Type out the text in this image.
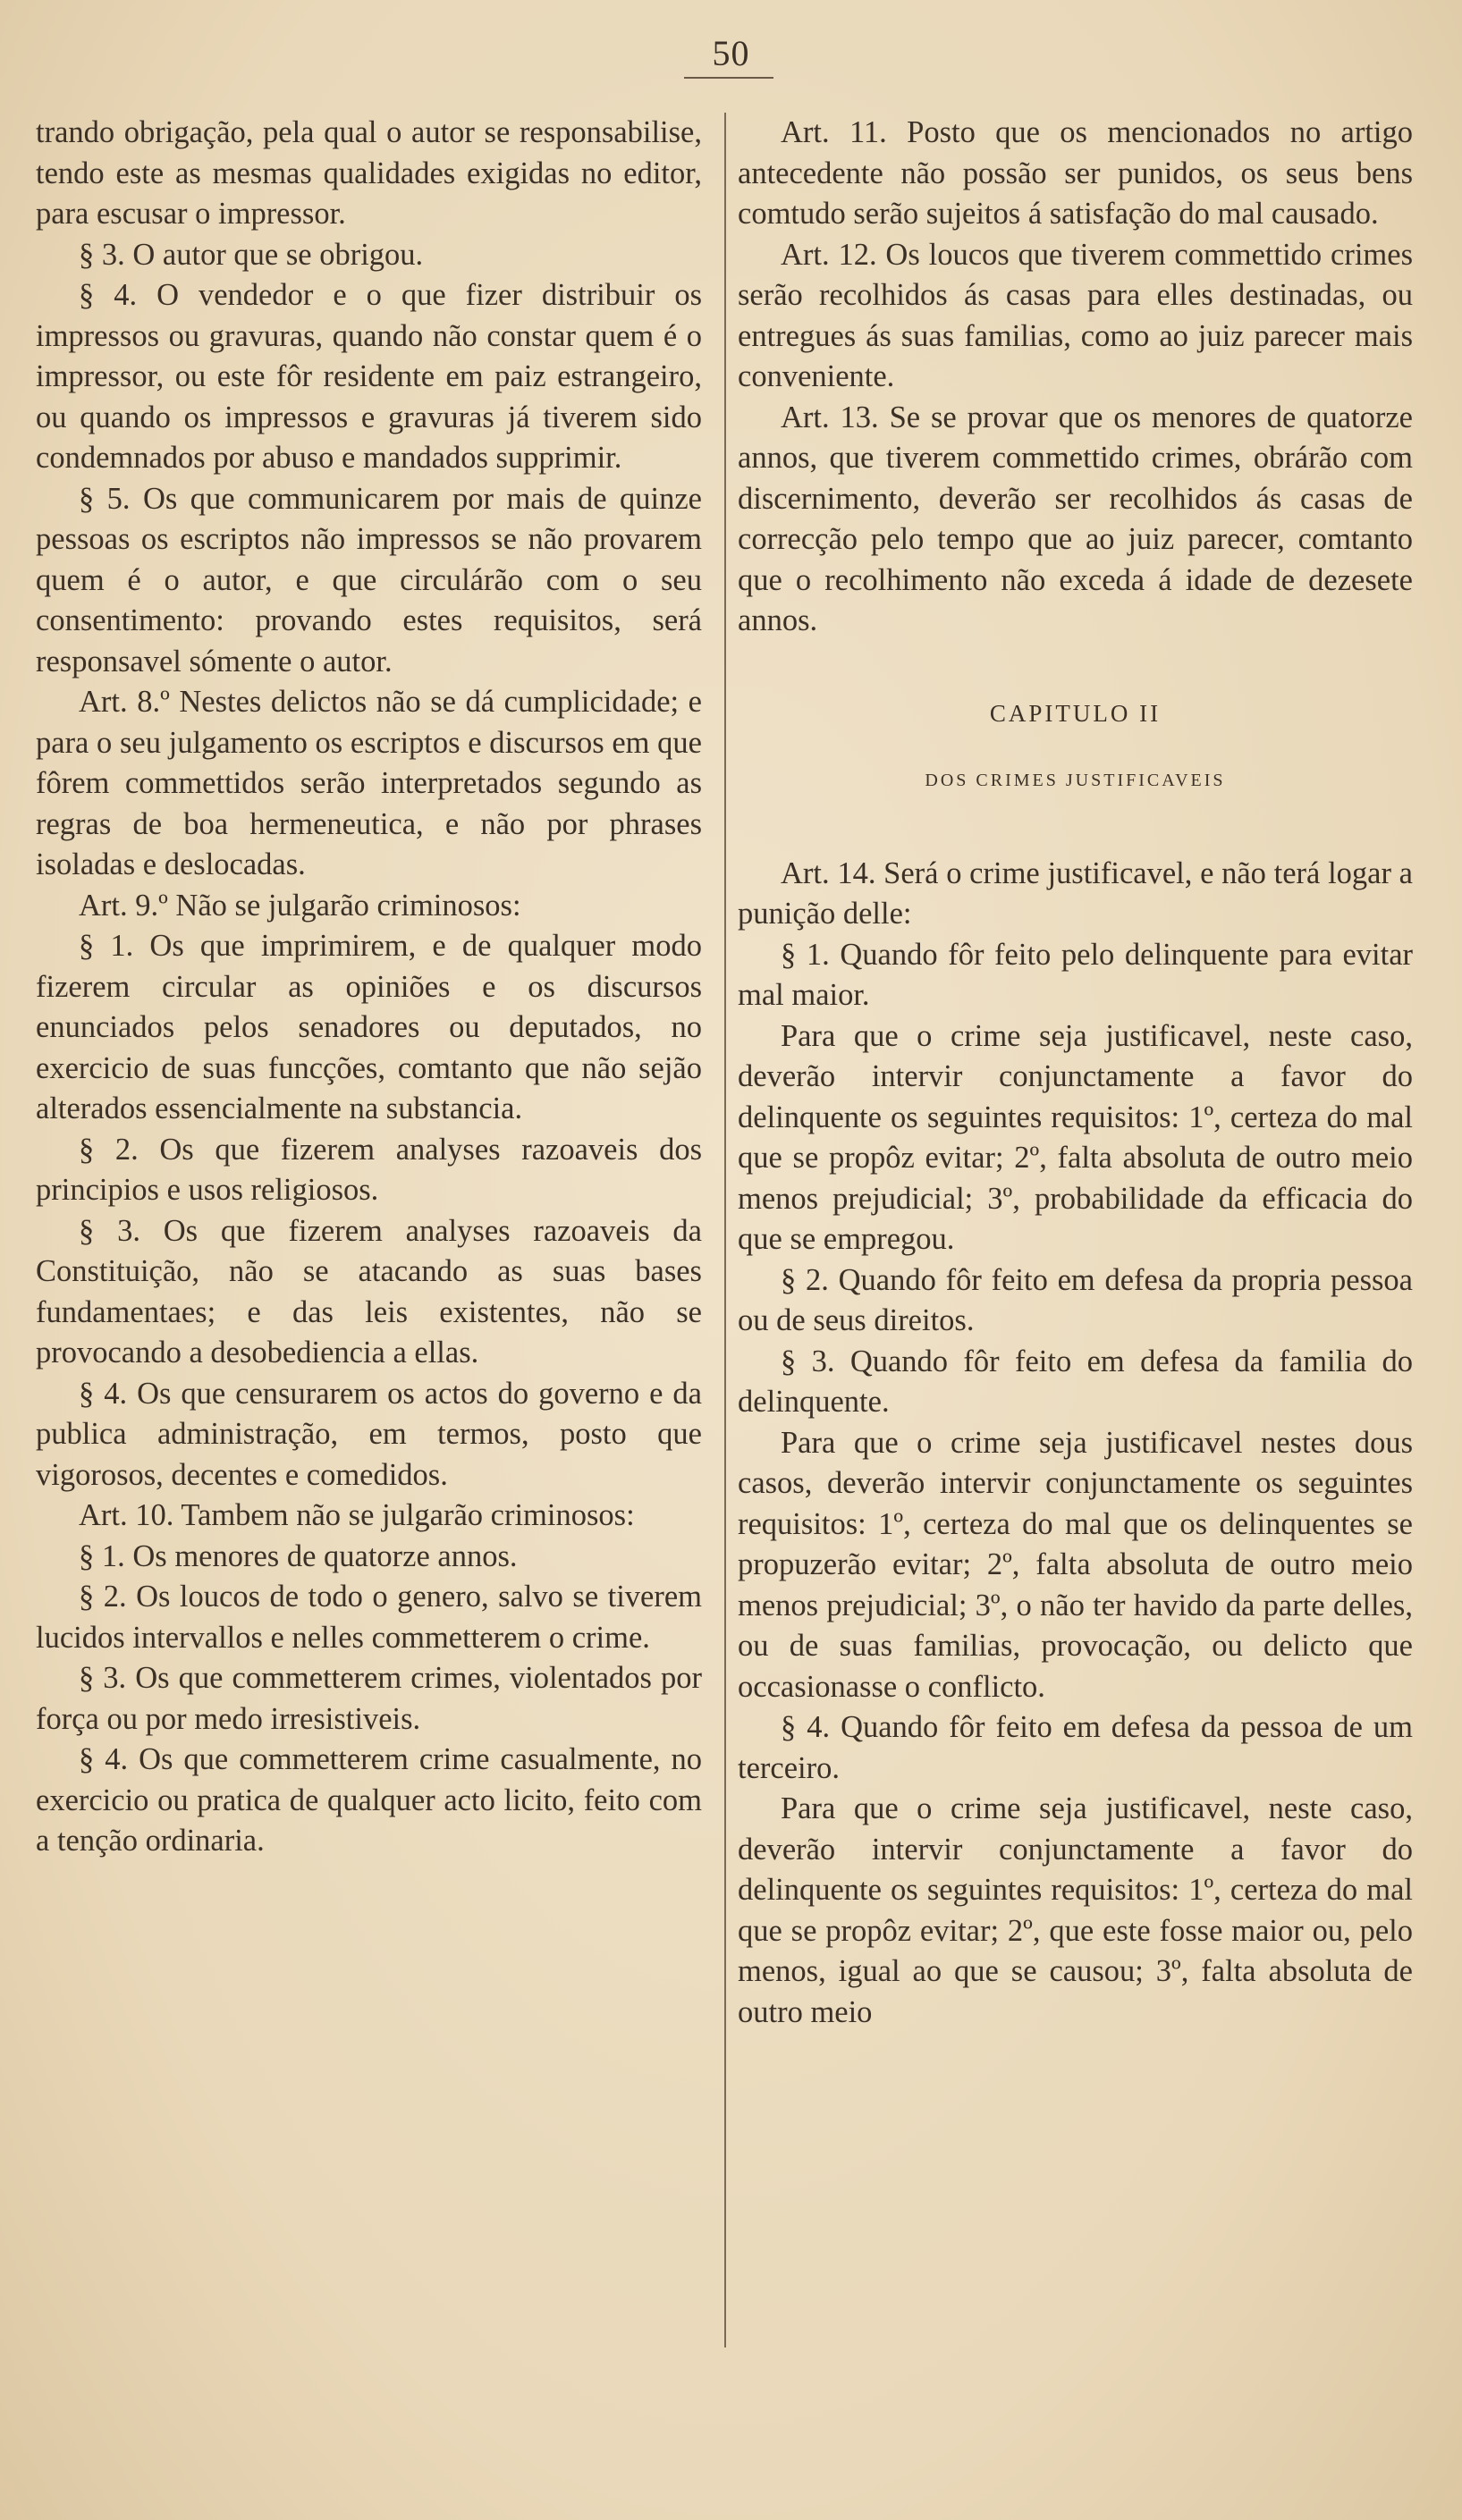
50

trando obrigação, pela qual o autor se responsabilise, tendo este as mesmas qualidades exigidas no editor, para escusar o impressor.

§ 3. O autor que se obrigou.

§ 4. O vendedor e o que fizer distribuir os impressos ou gravuras, quando não constar quem é o impressor, ou este fôr residente em paiz estrangeiro, ou quando os impressos e gravuras já tiverem sido condemnados por abuso e mandados supprimir.

§ 5. Os que communicarem por mais de quinze pessoas os escriptos não impressos se não provarem quem é o autor, e que circulárão com o seu consentimento: provando estes requisitos, será responsavel sómente o autor.

Art. 8.º Nestes delictos não se dá cumplicidade; e para o seu julgamento os escriptos e discursos em que fôrem commettidos serão interpretados segundo as regras de boa hermeneutica, e não por phrases isoladas e deslocadas.

Art. 9.º Não se julgarão criminosos:

§ 1. Os que imprimirem, e de qualquer modo fizerem circular as opiniões e os discursos enunciados pelos senadores ou deputados, no exercicio de suas funcções, comtanto que não sejão alterados essencialmente na substancia.

§ 2. Os que fizerem analyses razoaveis dos principios e usos religiosos.

§ 3. Os que fizerem analyses razoaveis da Constituição, não se atacando as suas bases fundamentaes; e das leis existentes, não se provocando a desobediencia a ellas.

§ 4. Os que censurarem os actos do governo e da publica administração, em termos, posto que vigorosos, decentes e comedidos.

Art. 10. Tambem não se julgarão criminosos:

§ 1. Os menores de quatorze annos.

§ 2. Os loucos de todo o genero, salvo se tiverem lucidos intervallos e nelles commetterem o crime.

§ 3. Os que commetterem crimes, violentados por força ou por medo irresistiveis.

§ 4. Os que commetterem crime casualmente, no exercicio ou pratica de qualquer acto licito, feito com a tenção ordinaria.

Art. 11. Posto que os mencionados no artigo antecedente não possão ser punidos, os seus bens comtudo serão sujeitos á satisfação do mal causado.

Art. 12. Os loucos que tiverem commettido crimes serão recolhidos ás casas para elles destinadas, ou entregues ás suas familias, como ao juiz parecer mais conveniente.

Art. 13. Se se provar que os menores de quatorze annos, que tiverem commettido crimes, obrárão com discernimento, deverão ser recolhidos ás casas de correcção pelo tempo que ao juiz parecer, comtanto que o recolhimento não exceda á idade de dezesete annos.

CAPITULO II
DOS CRIMES JUSTIFICAVEIS

Art. 14. Será o crime justificavel, e não terá logar a punição delle:

§ 1. Quando fôr feito pelo delinquente para evitar mal maior.

Para que o crime seja justificavel, neste caso, deverão intervir conjunctamente a favor do delinquente os seguintes requisitos: 1º, certeza do mal que se propôz evitar; 2º, falta absoluta de outro meio menos prejudicial; 3º, probabilidade da efficacia do que se empregou.

§ 2. Quando fôr feito em defesa da propria pessoa ou de seus direitos.

§ 3. Quando fôr feito em defesa da familia do delinquente.

Para que o crime seja justificavel nestes dous casos, deverão intervir conjunctamente os seguintes requisitos: 1º, certeza do mal que os delinquentes se propuzerão evitar; 2º, falta absoluta de outro meio menos prejudicial; 3º, o não ter havido da parte delles, ou de suas familias, provocação, ou delicto que occasionasse o conflicto.

§ 4. Quando fôr feito em defesa da pessoa de um terceiro.

Para que o crime seja justificavel, neste caso, deverão intervir conjunctamente a favor do delinquente os seguintes requisitos: 1º, certeza do mal que se propôz evitar; 2º, que este fosse maior ou, pelo menos, igual ao que se causou; 3º, falta absoluta de outro meio
